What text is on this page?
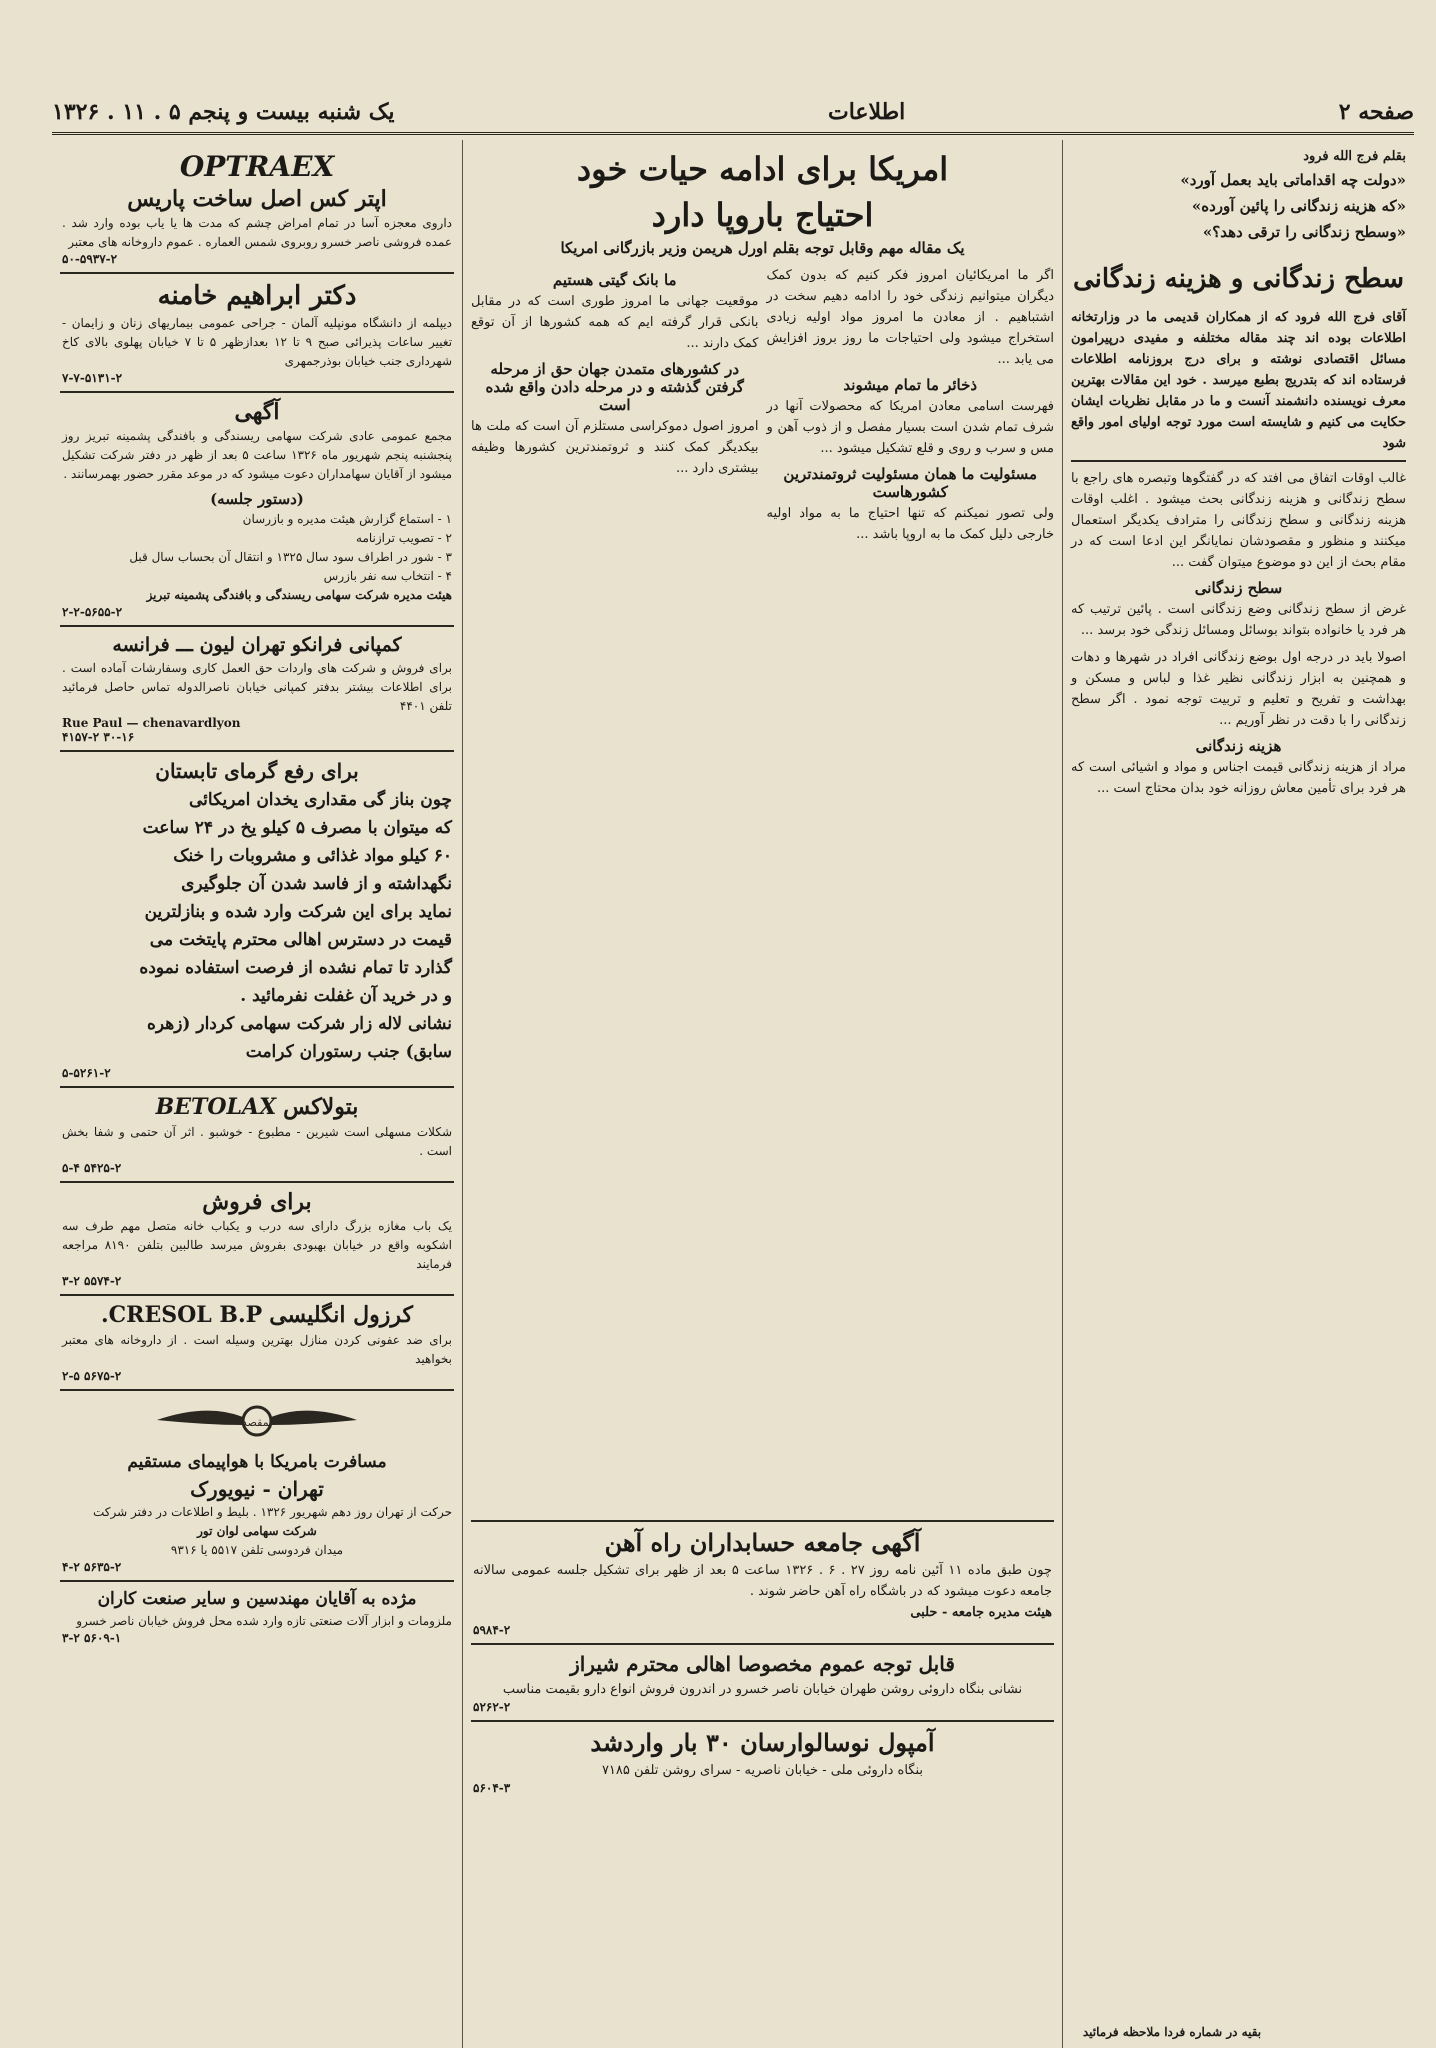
صفحه ۲
اطلاعات
یک شنبه بیست و پنجم ۵ . ۱۱ . ۱۳۲۶
بقلم فرج الله فرود
«دولت چه اقداماتی باید بعمل آورد»
«که هزینه زندگانی را پائین آورده»
«وسطح زندگانی را ترقی دهد؟»
سطح زندگانی و هزینه زندگانی
آقای فرج الله فرود که از همکاران قدیمی ما در وزارتخانه اطلاعات بوده اند چند مقاله مختلفه و مفیدی درپیرامون مسائل اقتصادی نوشته و برای درج بروزنامه اطلاعات فرستاده اند که بتدریج بطبع میرسد . خود این مقالات بهترین معرف نویسنده دانشمند آنست و ما در مقابل نظریات ایشان حکایت می کنیم و شایسته است مورد توجه اولیای امور واقع شود
غالب اوقات اتفاق می افتد که در گفتگوها وتبصره های راجع با سطح زندگانی و هزینه زندگانی بحث میشود . اغلب اوقات هزینه زندگانی و سطح زندگانی را مترادف یکدیگر استعمال میکنند و منظور و مقصودشان نمایانگر این ادعا است که در مقام بحث از این دو موضوع میتوان گفت ...
سطح زندگانی
غرض از سطح زندگانی وضع زندگانی است . پائین ترتیب که هر فرد یا خانواده بتواند بوسائل ومسائل زندگی خود برسد ...
اصولا باید در درجه اول بوضع زندگانی افراد در شهرها و دهات و همچنین به ابزار زندگانی نظیر غذا و لباس و مسکن و بهداشت و تفریح و تعلیم و تربیت توجه نمود . اگر سطح زندگانی را با دقت در نظر آوریم ...
هزینه زندگانی
مراد از هزینه زندگانی قیمت اجناس و مواد و اشیائی است که هر فرد برای تأمین معاش روزانه خود بدان محتاج است ...
امریکا برای ادامه حیات خود
احتیاج باروپا دارد
یک مقاله مهم وقابل توجه بقلم اورل هریمن وزیر بازرگانی امریکا
اگر ما امریکائیان امروز فکر کنیم که بدون کمک دیگران میتوانیم زندگی خود را ادامه دهیم سخت در اشتباهیم . از معادن ما امروز مواد اولیه زیادی استخراج میشود ولی احتیاجات ما روز بروز افزایش می یابد ...
ذخائر ما تمام میشوند
فهرست اسامی معادن امریکا که محصولات آنها در شرف تمام شدن است بسیار مفصل و از ذوب آهن و مس و سرب و روی و قلع تشکیل میشود ...
مسئولیت ما همان مسئولیت ثروتمندترین کشورهاست
ولی تصور نمیکنم که تنها احتیاج ما به مواد اولیه خارجی دلیل کمک ما به اروپا باشد ...
ما بانک گیتی هستیم
موقعیت جهانی ما امروز طوری است که در مقابل بانکی قرار گرفته ایم که همه کشورها از آن توقع کمک دارند ...
در کشورهای متمدن جهان حق از مرحله گرفتن گذشته و در مرحله دادن واقع شده است
امروز اصول دموکراسی مستلزم آن است که ملت ها بیکدیگر کمک کنند و ثروتمندترین کشورها وظیفه بیشتری دارد ...
آگهی جامعه حسابداران راه آهن
چون طبق ماده ۱۱ آئین نامه روز ۲۷ . ۶ . ۱۳۲۶ ساعت ۵ بعد از ظهر برای تشکیل جلسه عمومی سالانه جامعه دعوت میشود که در باشگاه راه آهن حاضر شوند .
هیئت مدیره جامعه - حلبی
۵۹۸۴-۲
قابل توجه عموم مخصوصا اهالی محترم شیراز
نشانی بنگاه داروئی روشن طهران خیابان ناصر خسرو در اندرون فروش انواع دارو بقیمت مناسب
۵۲۶۲-۲
آمپول نوسالوارسان ۳۰ بار واردشد
بنگاه داروئی ملی - خیابان ناصریه - سرای روشن تلفن ۷۱۸۵
۵۶۰۴-۳
OPTRAEX
اپتر کس اصل ساخت پاریس
داروی معجزه آسا در تمام امراض چشم که مدت ها یا یاب بوده وارد شد . عمده فروشی ناصر خسرو روبروی شمس العماره . عموم داروخانه های معتبر
۵۰-۵۹۳۷-۲
دکتر ابراهیم خامنه
دیپلمه از دانشگاه مونپلیه آلمان - جراحی عمومی بیماریهای زنان و زایمان - تغییر ساعات پذیرائی صبح ۹ تا ۱۲ بعدازظهر ۵ تا ۷ خیابان پهلوی بالای کاخ شهرداری جنب خیابان بوذرجمهری
۷-۷-۵۱۳۱-۲
آگهی
مجمع عمومی عادی شرکت سهامی ریسندگی و بافندگی پشمینه تبریز روز پنجشنبه پنجم شهریور ماه ۱۳۲۶ ساعت ۵ بعد از ظهر در دفتر شرکت تشکیل میشود از آقایان سهامداران دعوت میشود که در موعد مقرر حضور بهمرسانند .
(دستور جلسه)
۱ - استماع گزارش هیئت مدیره و بازرسان
۲ - تصویب ترازنامه
۳ - شور در اطراف سود سال ۱۳۲۵ و انتقال آن بحساب سال قبل
۴ - انتخاب سه نفر بازرس
هیئت مدیره شرکت سهامی ریسندگی و بافندگی پشمینه تبریز
۲-۲-۵۶۵۵-۲
کمپانی فرانکو تهران لیون ـــ فرانسه
برای فروش و شرکت های واردات حق العمل کاری وسفارشات آماده است . برای اطلاعات بیشتر بدفتر کمپانی خیابان ناصرالدوله تماس حاصل فرمائید تلفن ۴۴۰۱
Rue Paul — chenavardlyon
۴۱۵۷-۲ ۳۰-۱۶
برای رفع گرمای تابستان
چون بناز گی مقداری یخدان امریکائی
که میتوان با مصرف ۵ کیلو یخ در ۲۴ ساعت
۶۰ کیلو مواد غذائی و مشروبات را خنک
نگهداشته و از فاسد شدن آن جلوگیری
نماید برای این شرکت وارد شده و بنازلترین
قیمت در دسترس اهالی محترم پایتخت می
گذارد تا تمام نشده از فرصت استفاده نموده
و در خرید آن غفلت نفرمائید .
نشانی لاله زار شرکت سهامی کردار (زهره
سابق) جنب رستوران کرامت
۵-۵۲۶۱-۲
بتولاکس BETOLAX
شکلات مسهلی است شیرین - مطبوع - خوشبو . اثر آن حتمی و شفا بخش است .
۵-۴ ۵۴۲۵-۲
برای فروش
یک باب مغازه بزرگ دارای سه درب و یکباب خانه متصل مهم طرف سه اشکوبه واقع در خیابان بهبودی بفروش میرسد طالبین بتلفن ۸۱۹۰ مراجعه فرمایند
۳-۲ ۵۵۷۴-۲
کرزول انگلیسی CRESOL B.P.
برای ضد عفونی کردن منازل بهترین وسیله است . از داروخانه های معتبر بخواهید
۲-۵ ۵۶۷۵-۲
بمقصد
مسافرت بامریکا با هواپیمای مستقیم
تهران - نیویورک
حرکت از تهران روز دهم شهریور ۱۳۲۶ . بلیط و اطلاعات در دفتر شرکت
شرکت سهامی لوان تور
میدان فردوسی تلفن ۵۵۱۷ یا ۹۳۱۶
۴-۲ ۵۶۳۵-۲
مژده به آقایان مهندسین و سایر صنعت کاران
ملزومات و ابزار آلات صنعتی تازه وارد شده محل فروش خیابان ناصر خسرو
۳-۲ ۵۶۰۹-۱
بقیه در شماره فردا ملاحظه فرمائید
